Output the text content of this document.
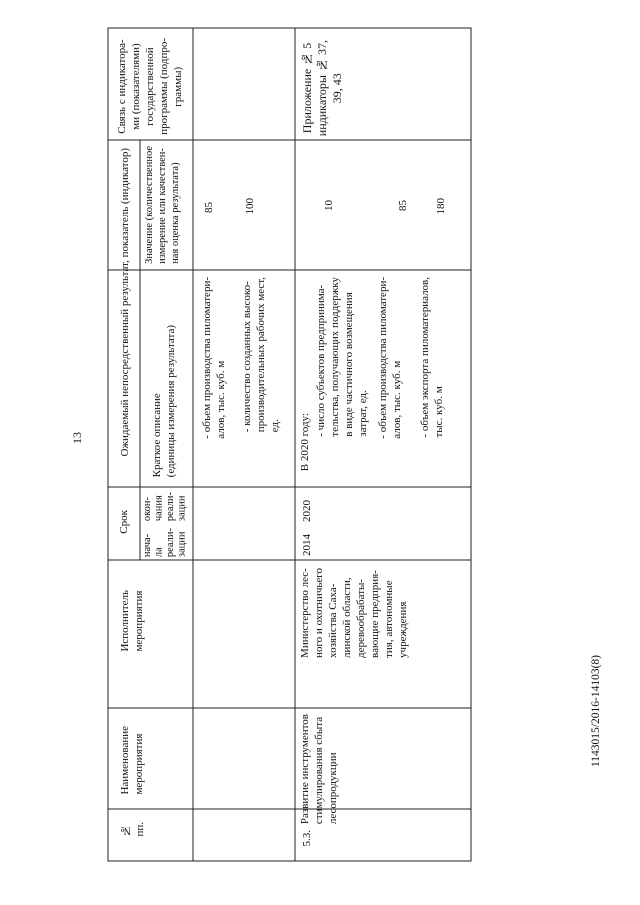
13
1143015/2016-14103(8)
Связь с индикатора- ми (показателями) государственной программы (подпро- граммы)
Ожидаемый непосредственный результат, показатель (индикатор) Значение (количественное измерение или качествен- ная оценка результата)
Краткое описание (единицы измерения результата)
Срок
окон-
чания
реали-
зации
нача-
ла
реали-
зации
Исполнитель мероприятия
Наименование мероприятия
№ пп.
85	100
- объем производства пиломатери- алов, тыс. куб. м - количество созданных высоко- производительных рабочих мест, ед.
Приложение № 5
индикаторы № 37,
39, 43
10	85 180
В 2020 году:
- число субъектов предпринима- тельства, получающих поддержку в виде частичного возмещения затрат, ед. - объем производства пиломатери- алов, тыс. куб. м - объем экспорта пиломатериалов, тыс. куб. м
2020
2014
Министерство лес- ного и охотничьего хозяйства Саха- линской области, деревообрабаты- вающие предприя- тия, автономные учреждения
Развитие инструментов стимулирования сбыта лесопродукции
5.3.
